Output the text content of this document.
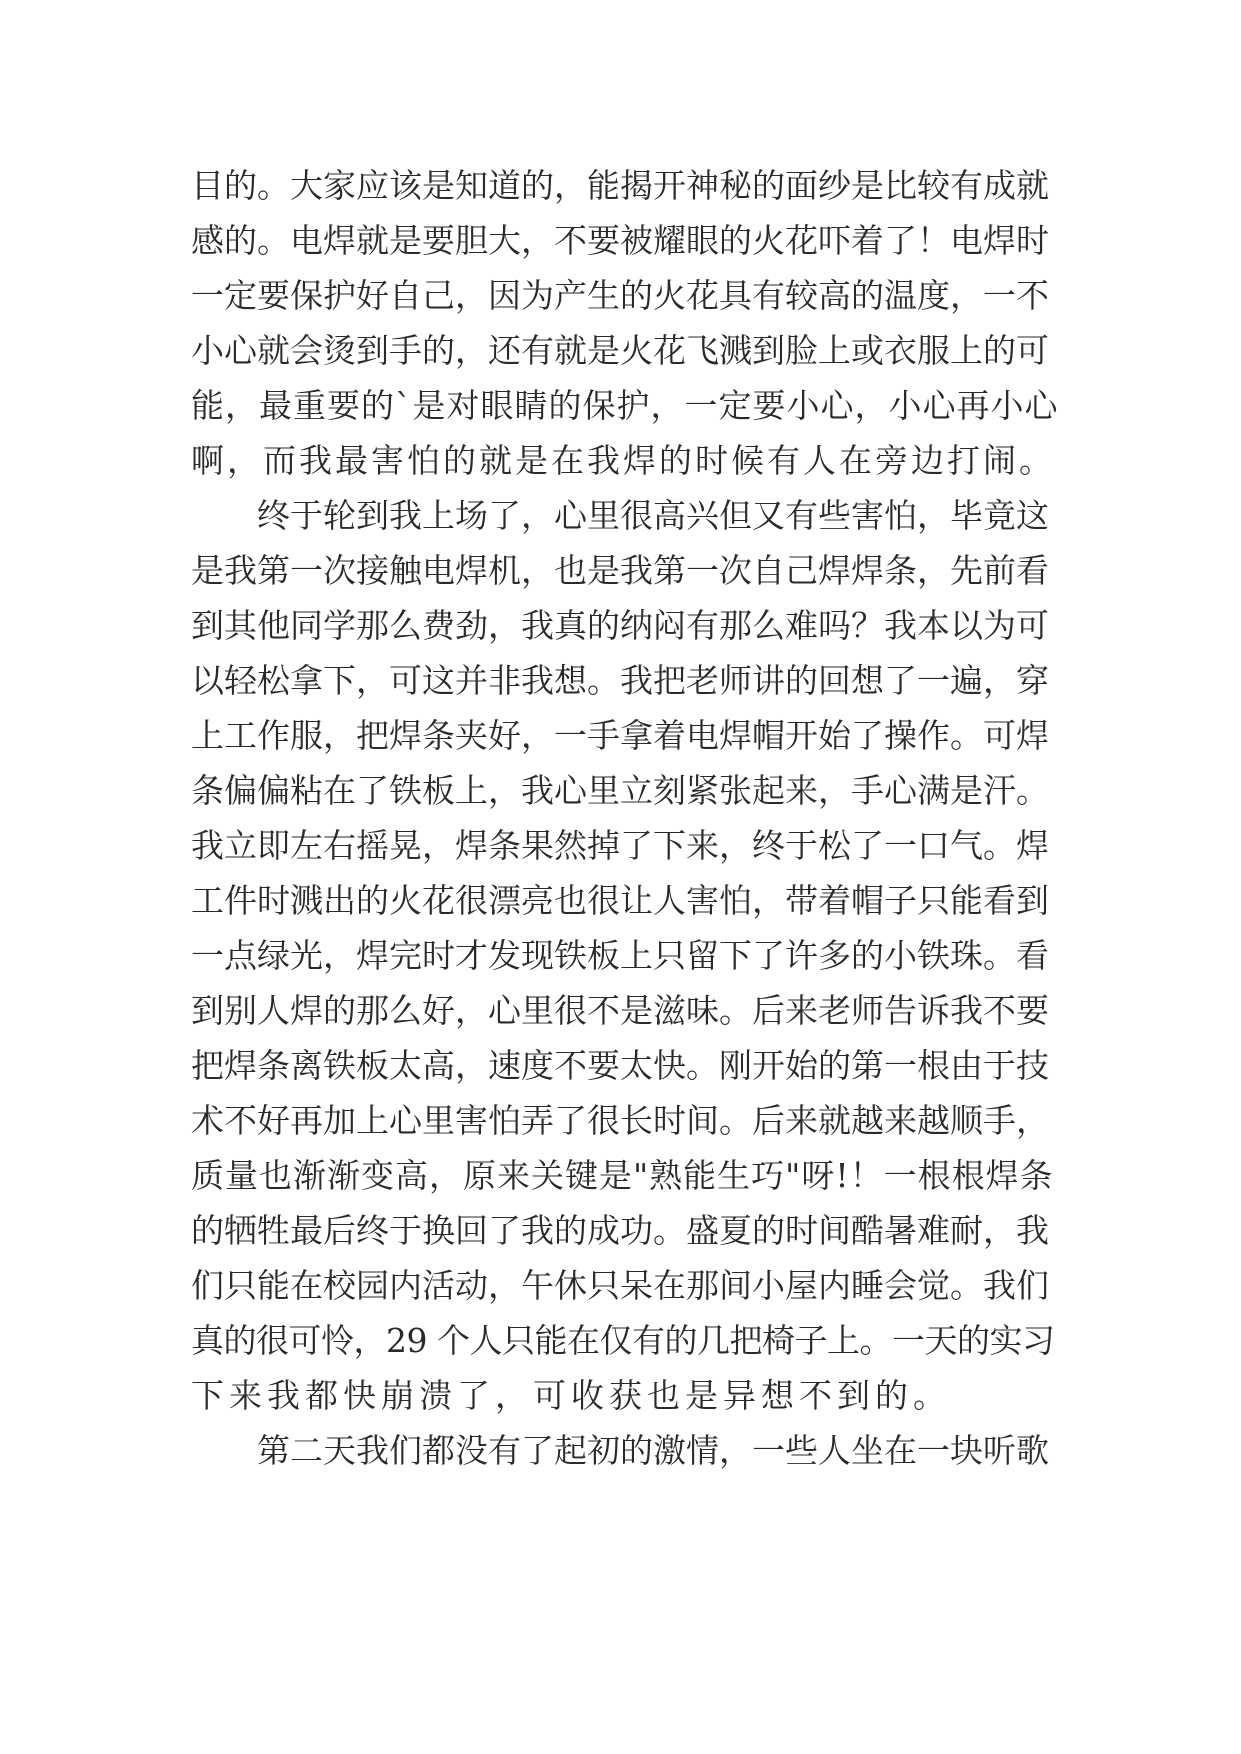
目的。大家应该是知道的，能揭开神秘的面纱是比较有成就

感的。电焊就是要胆大，不要被耀眼的火花吓着了！电焊时

一定要保护好自己，因为产生的火花具有较高的温度，一不

小心就会烫到手的，还有就是火花飞溅到脸上或衣服上的可

能，最重要的`是对眼睛的保护，一定要小心，小心再小心

啊，而我最害怕的就是在我焊的时候有人在旁边打闹。

　　终于轮到我上场了，心里很高兴但又有些害怕，毕竟这

是我第一次接触电焊机，也是我第一次自己焊焊条，先前看

到其他同学那么费劲，我真的纳闷有那么难吗？我本以为可

以轻松拿下，可这并非我想。我把老师讲的回想了一遍，穿

上工作服，把焊条夹好，一手拿着电焊帽开始了操作。可焊

条偏偏粘在了铁板上，我心里立刻紧张起来，手心满是汗。

我立即左右摇晃，焊条果然掉了下来，终于松了一口气。焊

工件时溅出的火花很漂亮也很让人害怕，带着帽子只能看到

一点绿光，焊完时才发现铁板上只留下了许多的小铁珠。看

到别人焊的那么好，心里很不是滋味。后来老师告诉我不要

把焊条离铁板太高，速度不要太快。刚开始的第一根由于技

术不好再加上心里害怕弄了很长时间。后来就越来越顺手，

质量也渐渐变高，原来关键是"熟能生巧"呀!！一根根焊条

的牺牲最后终于换回了我的成功。盛夏的时间酷暑难耐，我

们只能在校园内活动，午休只呆在那间小屋内睡会觉。我们

真的很可怜，29 个人只能在仅有的几把椅子上。一天的实习

下来我都快崩溃了，可收获也是异想不到的。

　　第二天我们都没有了起初的激情，一些人坐在一块听歌
